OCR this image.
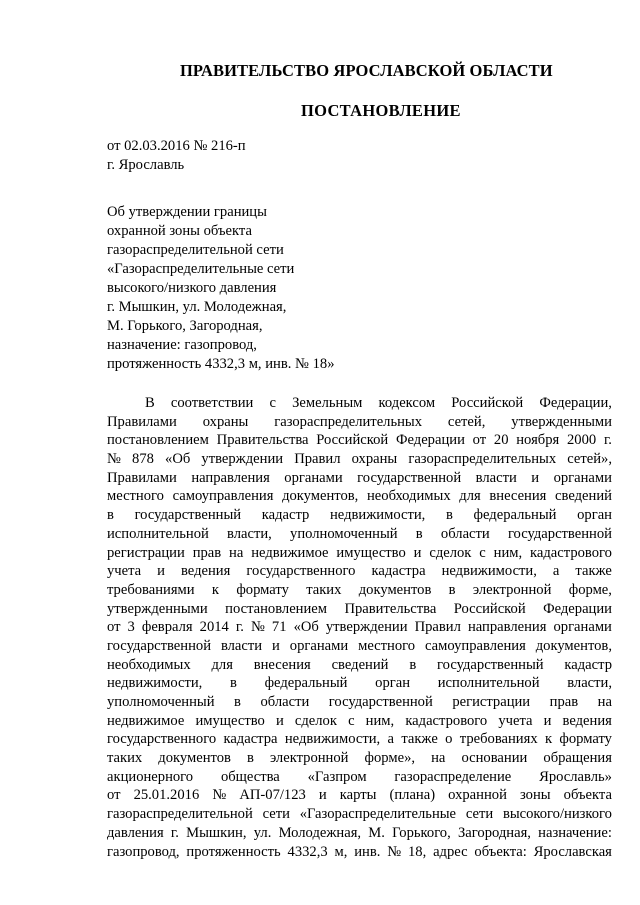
ПРАВИТЕЛЬСТВО ЯРОСЛАВСКОЙ ОБЛАСТИ
ПОСТАНОВЛЕНИЕ
от 02.03.2016 № 216-п
г. Ярославль
Об утверждении границы
охранной зоны объекта
газораспределительной сети
«Газораспределительные сети
высокого/низкого давления
г. Мышкин, ул. Молодежная,
М. Горького, Загородная,
назначение: газопровод,
протяженность 4332,3 м, инв. № 18»
В соответствии с Земельным кодексом Российской Федерации,
Правилами охраны газораспределительных сетей, утвержденными
постановлением Правительства Российской Федерации от 20 ноября 2000 г.
№ 878 «Об утверждении Правил охраны газораспределительных сетей»,
Правилами направления органами государственной власти и органами
местного самоуправления документов, необходимых для внесения сведений
в государственный кадастр недвижимости, в федеральный орган
исполнительной власти, уполномоченный в области государственной
регистрации прав на недвижимое имущество и сделок с ним, кадастрового
учета и ведения государственного кадастра недвижимости, а также
требованиями к формату таких документов в электронной форме,
утвержденными постановлением Правительства Российской Федерации
от 3 февраля 2014 г. № 71 «Об утверждении Правил направления органами
государственной власти и органами местного самоуправления документов,
необходимых для внесения сведений в государственный кадастр
недвижимости, в федеральный орган исполнительной власти,
уполномоченный в области государственной регистрации прав на
недвижимое имущество и сделок с ним, кадастрового учета и ведения
государственного кадастра недвижимости, а также о требованиях к формату
таких документов в электронной форме», на основании обращения
акционерного общества «Газпром газораспределение Ярославль»
от 25.01.2016 № АП-07/123 и карты (плана) охранной зоны объекта
газораспределительной сети «Газораспределительные сети высокого/низкого
давления г. Мышкин, ул. Молодежная, М. Горького, Загородная, назначение:
газопровод, протяженность 4332,3 м, инв. № 18, адрес объекта: Ярославская
